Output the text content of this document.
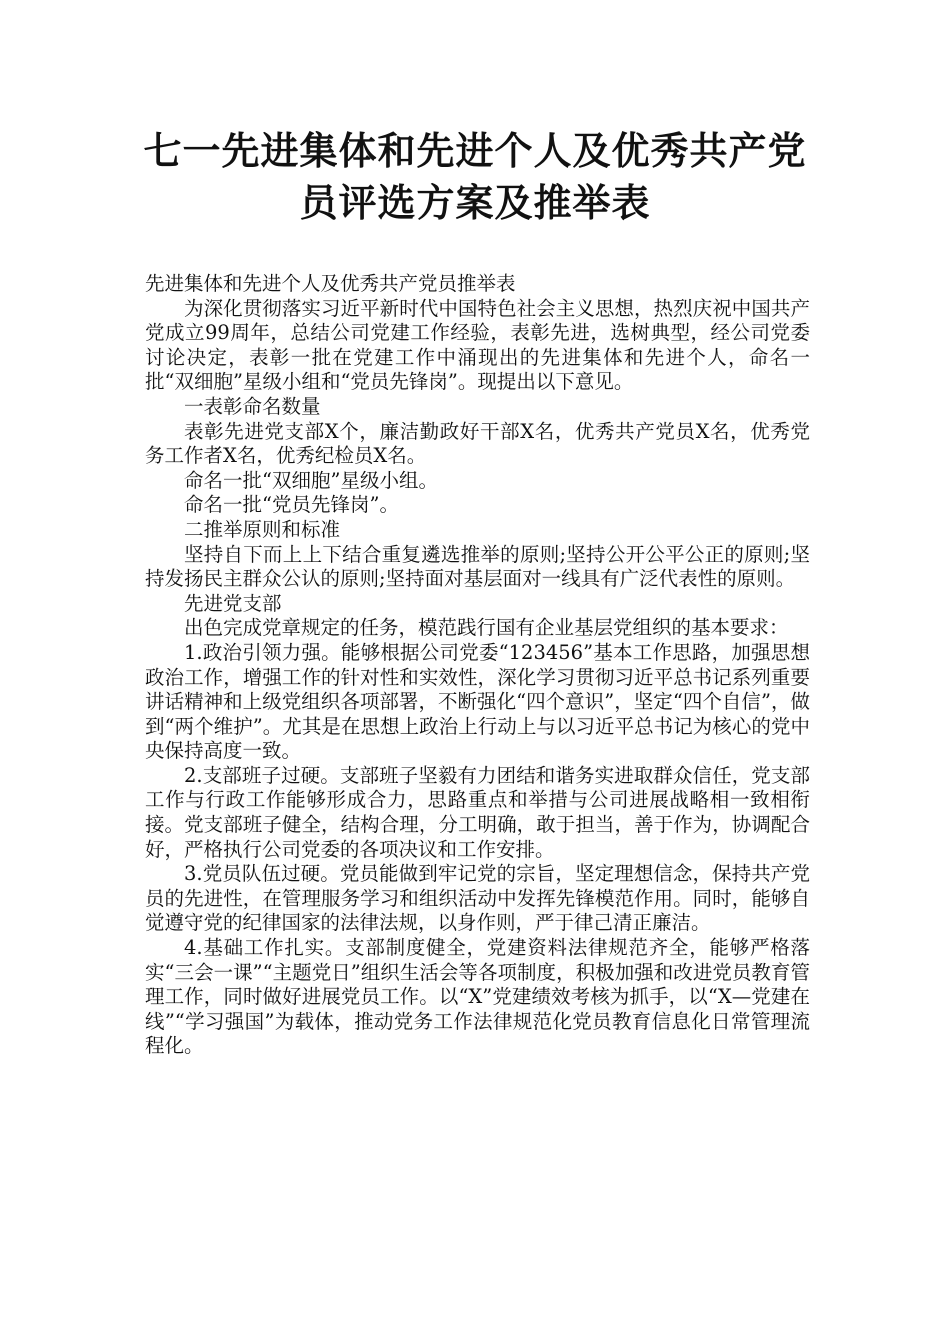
七一先进集体和先进个人及优秀共产党
员评选方案及推举表

先进集体和先进个人及优秀共产党员推举表

为深化贯彻落实习近平新时代中国特色社会主义思想，热烈庆祝中国共产党成立99周年，总结公司党建工作经验，表彰先进，选树典型，经公司党委讨论决定，表彰一批在党建工作中涌现出的先进集体和先进个人，命名一批“双细胞”星级小组和“党员先锋岗”。现提出以下意见。

一表彰命名数量

表彰先进党支部X个，廉洁勤政好干部X名，优秀共产党员X名，优秀党务工作者X名，优秀纪检员X名。

命名一批“双细胞”星级小组。

命名一批“党员先锋岗”。

二推举原则和标准

坚持自下而上上下结合重复遴选推举的原则;坚持公开公平公正的原则;坚持发扬民主群众公认的原则;坚持面对基层面对一线具有广泛代表性的原则。

先进党支部

出色完成党章规定的任务，模范践行国有企业基层党组织的基本要求：

1.政治引领力强。能够根据公司党委“123456”基本工作思路，加强思想政治工作，增强工作的针对性和实效性，深化学习贯彻习近平总书记系列重要讲话精神和上级党组织各项部署，不断强化“四个意识”，坚定“四个自信”，做到“两个维护”。尤其是在思想上政治上行动上与以习近平总书记为核心的党中央保持高度一致。

2.支部班子过硬。支部班子坚毅有力团结和谐务实进取群众信任，党支部工作与行政工作能够形成合力，思路重点和举措与公司进展战略相一致相衔接。党支部班子健全，结构合理，分工明确，敢于担当，善于作为，协调配合好，严格执行公司党委的各项决议和工作安排。

3.党员队伍过硬。党员能做到牢记党的宗旨，坚定理想信念，保持共产党员的先进性，在管理服务学习和组织活动中发挥先锋模范作用。同时，能够自觉遵守党的纪律国家的法律法规，以身作则，严于律己清正廉洁。

4.基础工作扎实。支部制度健全，党建资料法律规范齐全，能够严格落实“三会一课”“主题党日”组织生活会等各项制度，积极加强和改进党员教育管理工作，同时做好进展党员工作。以“X”党建绩效考核为抓手，以“X—党建在线”“学习强国”为载体，推动党务工作法律规范化党员教育信息化日常管理流程化。
